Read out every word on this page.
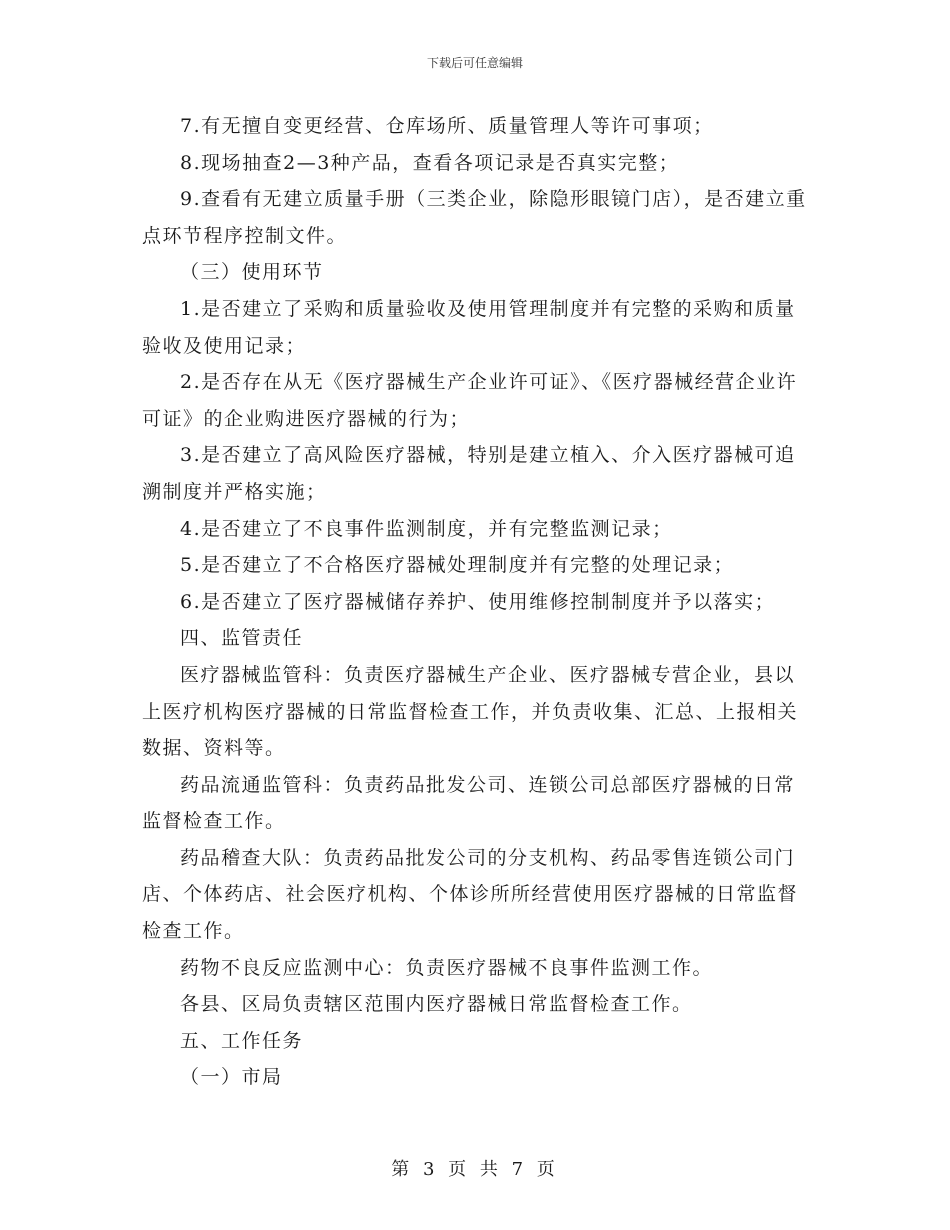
下载后可任意编辑

7.有无擅自变更经营、仓库场所、质量管理人等许可事项；

8.现场抽查2—3种产品，查看各项记录是否真实完整；

9.查看有无建立质量手册（三类企业，除隐形眼镜门店），是否建立重点环节程序控制文件。

（三）使用环节

1.是否建立了采购和质量验收及使用管理制度并有完整的采购和质量验收及使用记录；

2.是否存在从无《医疗器械生产企业许可证》、《医疗器械经营企业许可证》的企业购进医疗器械的行为；

3.是否建立了高风险医疗器械，特别是建立植入、介入医疗器械可追溯制度并严格实施；

4.是否建立了不良事件监测制度，并有完整监测记录；

5.是否建立了不合格医疗器械处理制度并有完整的处理记录；

6.是否建立了医疗器械储存养护、使用维修控制制度并予以落实；

四、监管责任

医疗器械监管科：负责医疗器械生产企业、医疗器械专营企业，县以上医疗机构医疗器械的日常监督检查工作，并负责收集、汇总、上报相关数据、资料等。

药品流通监管科：负责药品批发公司、连锁公司总部医疗器械的日常监督检查工作。

药品稽查大队：负责药品批发公司的分支机构、药品零售连锁公司门店、个体药店、社会医疗机构、个体诊所所经营使用医疗器械的日常监督检查工作。

药物不良反应监测中心：负责医疗器械不良事件监测工作。

各县、区局负责辖区范围内医疗器械日常监督检查工作。

五、工作任务

（一）市局

第 3 页 共 7 页
